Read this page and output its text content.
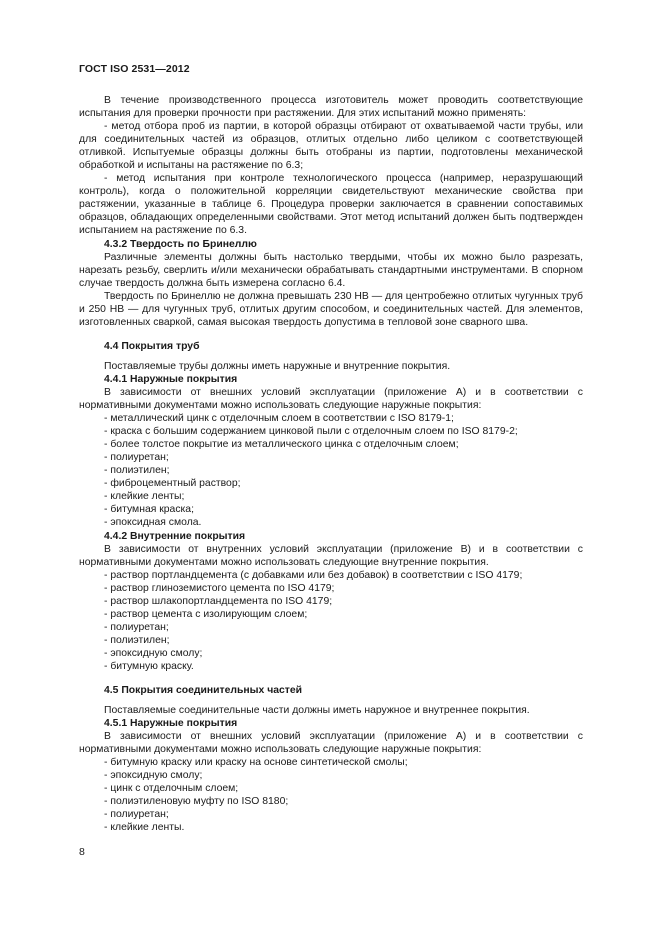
ГОСТ ISO 2531—2012

В течение производственного процесса изготовитель может проводить соответствующие испытания для проверки прочности при растяжении. Для этих испытаний можно применять:

- метод отбора проб из партии, в которой образцы отбирают от охватываемой части трубы, или для соединительных частей из образцов, отлитых отдельно либо целиком с соответствующей отливкой. Испытуемые образцы должны быть отобраны из партии, подготовлены механической обработкой и испытаны на растяжение по 6.3;

- метод испытания при контроле технологического процесса (например, неразрушающий контроль), когда о положительной корреляции свидетельствуют механические свойства при растяжении, указанные в таблице 6. Процедура проверки заключается в сравнении сопоставимых образцов, обладающих определенными свойствами. Этот метод испытаний должен быть подтвержден испытанием на растяжение по 6.3.

4.3.2 Твердость по Бринеллю

Различные элементы должны быть настолько твердыми, чтобы их можно было разрезать, нарезать резьбу, сверлить и/или механически обрабатывать стандартными инструментами. В спорном случае твердость должна быть измерена согласно 6.4.

Твердость по Бринеллю не должна превышать 230 HB — для центробежно отлитых чугунных труб и 250 HB — для чугунных труб, отлитых другим способом, и соединительных частей. Для элементов, изготовленных сваркой, самая высокая твердость допустима в тепловой зоне сварного шва.

4.4 Покрытия труб

Поставляемые трубы должны иметь наружные и внутренние покрытия.

4.4.1 Наружные покрытия

В зависимости от внешних условий эксплуатации (приложение А) и в соответствии с нормативными документами можно использовать следующие наружные покрытия:

- металлический цинк с отделочным слоем в соответствии с ISO 8179-1;

- краска с большим содержанием цинковой пыли с отделочным слоем по ISO 8179-2;

- более толстое покрытие из металлического цинка с отделочным слоем;

- полиуретан;

- полиэтилен;

- фиброцементный раствор;

- клейкие ленты;

- битумная краска;

- эпоксидная смола.

4.4.2 Внутренние покрытия

В зависимости от внутренних условий эксплуатации (приложение В) и в соответствии с нормативными документами можно использовать следующие внутренние покрытия.

- раствор портландцемента (с добавками или без добавок) в соответствии с ISO 4179;

- раствор глиноземистого цемента по ISO 4179;

- раствор шлакопортландцемента по ISO 4179;

- раствор цемента с изолирующим слоем;

- полиуретан;

- полиэтилен;

- эпоксидную смолу;

- битумную краску.

4.5 Покрытия соединительных частей

Поставляемые соединительные части должны иметь наружное и внутреннее покрытия.

4.5.1 Наружные покрытия

В зависимости от внешних условий эксплуатации (приложение А) и в соответствии с нормативными документами можно использовать следующие наружные покрытия:

- битумную краску или краску на основе синтетической смолы;

- эпоксидную смолу;

- цинк с отделочным слоем;

- полиэтиленовую муфту по ISO 8180;

- полиуретан;

- клейкие ленты.

8
